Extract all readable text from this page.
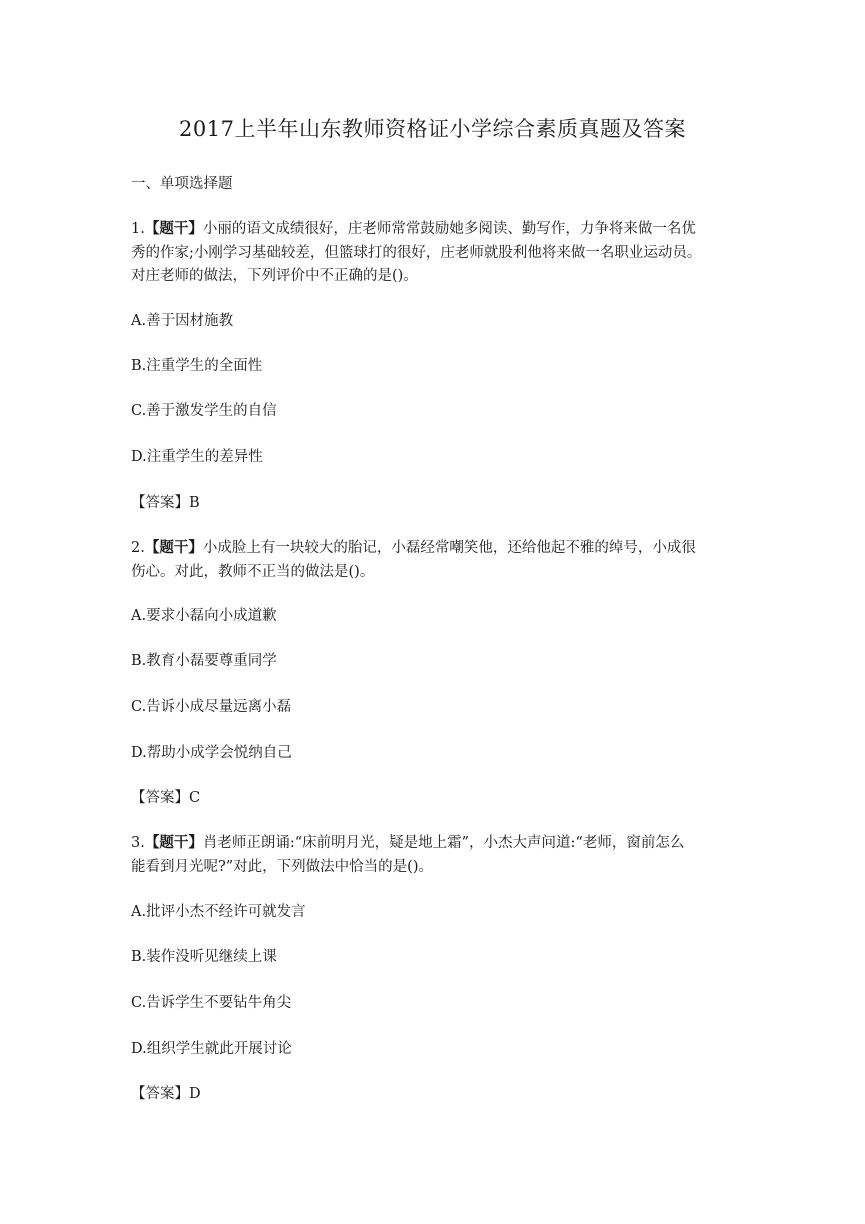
2017上半年山东教师资格证小学综合素质真题及答案
一、单项选择题
1.【题干】小丽的语文成绩很好，庄老师常常鼓励她多阅读、勤写作，力争将来做一名优
秀的作家;小刚学习基础较差，但篮球打的很好，庄老师就股利他将来做一名职业运动员。
对庄老师的做法，下列评价中不正确的是()。
A.善于因材施教
B.注重学生的全面性
C.善于激发学生的自信
D.注重学生的差异性
【答案】B
2.【题干】小成脸上有一块较大的胎记，小磊经常嘲笑他，还给他起不雅的绰号，小成很
伤心。对此，教师不正当的做法是()。
A.要求小磊向小成道歉
B.教育小磊要尊重同学
C.告诉小成尽量远离小磊
D.帮助小成学会悦纳自己
【答案】C
3.【题干】肖老师正朗诵:“床前明月光，疑是地上霜”，小杰大声问道:“老师，窗前怎么
能看到月光呢?”对此，下列做法中恰当的是()。
A.批评小杰不经许可就发言
B.装作没听见继续上课
C.告诉学生不要钻牛角尖
D.组织学生就此开展讨论
【答案】D
